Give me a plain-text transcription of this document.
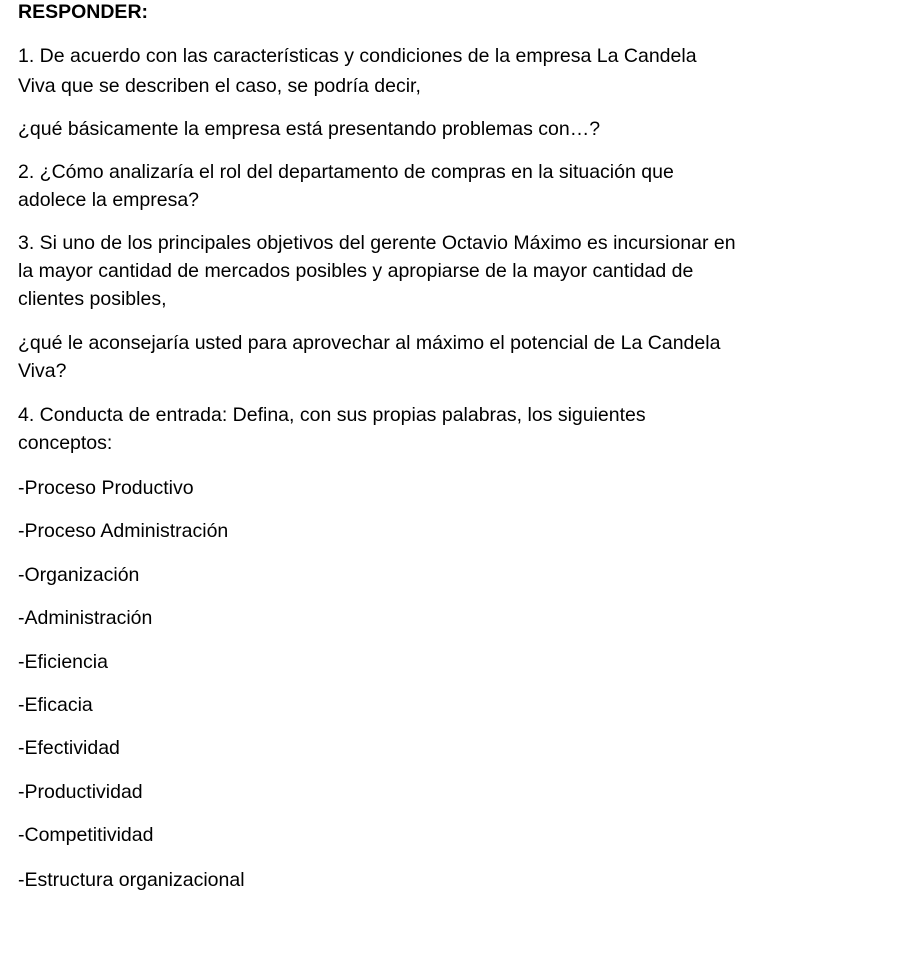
RESPONDER:
1. De acuerdo con las características y condiciones de la empresa La Candela
Viva que se describen el caso, se podría decir,
¿qué básicamente la empresa está presentando problemas con…?
2. ¿Cómo analizaría el rol del departamento de compras en la situación que
adolece la empresa?
3. Si uno de los principales objetivos del gerente Octavio Máximo es incursionar en
la mayor cantidad de mercados posibles y apropiarse de la mayor cantidad de
clientes posibles,
¿qué le aconsejaría usted para aprovechar al máximo el potencial de La Candela
Viva?
4. Conducta de entrada: Defina, con sus propias palabras, los siguientes
conceptos:
-Proceso Productivo
-Proceso Administración
-Organización
-Administración
-Eficiencia
-Eficacia
-Efectividad
-Productividad
-Competitividad
-Estructura organizacional
